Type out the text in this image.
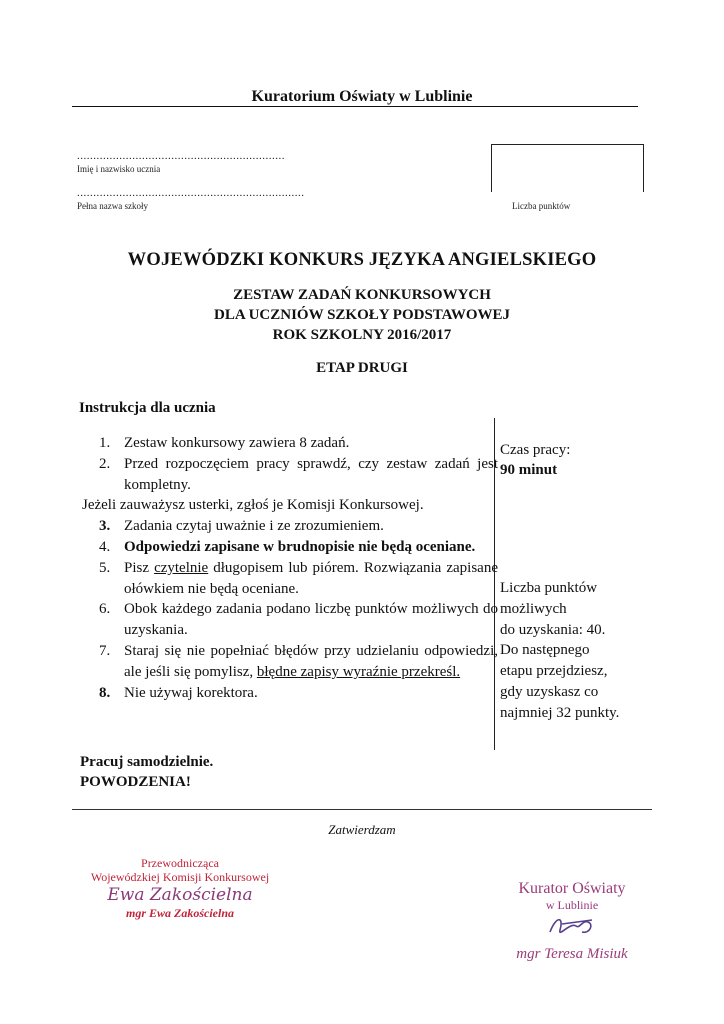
Kuratorium Oświaty w Lublinie
................................................................
Imię i nazwisko ucznia
......................................................................
Pełna nazwa szkoły	Liczba punktów
WOJEWÓDZKI KONKURS JĘZYKA ANGIELSKIEGO
ZESTAW ZADAŃ KONKURSOWYCH
DLA UCZNIÓW SZKOŁY PODSTAWOWEJ
ROK SZKOLNY 2016/2017
ETAP DRUGI
Instrukcja dla ucznia
1. Zestaw konkursowy zawiera 8 zadań.
2. Przed rozpoczęciem pracy sprawdź, czy zestaw zadań jest kompletny.
Jeżeli zauważysz usterki, zgłoś je Komisji Konkursowej.
3. Zadania czytaj uważnie i ze zrozumieniem.
4. Odpowiedzi zapisane w brudnopisie nie będą oceniane.
5. Pisz czytelnie długopisem lub piórem. Rozwiązania zapisane ołówkiem nie będą oceniane.
6. Obok każdego zadania podano liczbę punktów możliwych do uzyskania.
7. Staraj się nie popełniać błędów przy udzielaniu odpowiedzi, ale jeśli się pomylisz, błędne zapisy wyraźnie przekreśl.
8. Nie używaj korektora.
Czas pracy:
90 minut
Liczba punktów
możliwych
do uzyskania: 40.
Do następnego
etapu przejdziesz,
gdy uzyskasz co
najmniej 32 punkty.
Pracuj samodzielnie.
POWODZENIA!
Zatwierdzam
Przewodnicząca
Wojewódzkiej Komisji Konkursowej
Ewa Zakościelna
mgr Ewa Zakościelna
Kurator Oświaty
w Lublinie
mgr Teresa Misiuk
